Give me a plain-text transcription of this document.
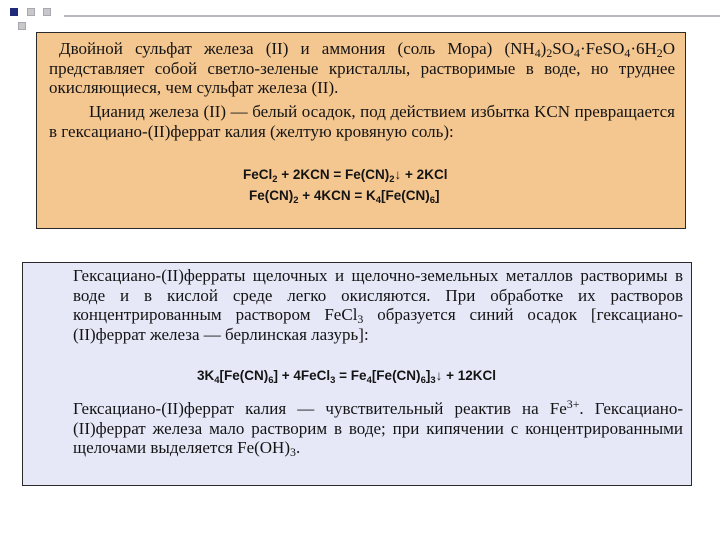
Двойной сульфат железа (II) и аммония (соль Мора) $(NH_4)_2SO_4\cdot FeSO_4\cdot 6H_2O$ представляет собой светло-зеленые кристаллы, растворимые в воде, но труднее окисляющиеся, чем сульфат железа (II).

Цианид железа (II) — белый осадок, под действием избытка KCN превращается в гексациано-(II)феррат калия (желтую кровяную соль):

FeCl$_2$ + $2KCN = Fe(CN)_2↓ + 2KCl$

$Fe(CN)_2 + 4KCN = K_4[Fe(CN)_6]$

Гексациано-(II)ферраты щелочных и щелочно-земельных металлов растворимы в воде и в кислой среде легко окисляются. При обработке их растворов концентрированным раствором FeCl$_3$ образуется синий осадок [гексациано-(II)феррат железа — берлинская лазурь]:

$3K_4[Fe(CN)_6]$ + 4FeCl$_3$ = $Fe_4[Fe(CN)_6]_3↓ + 12KCl$

Гексациано-(II)феррат калия — чувствительный реактив на $Fe^{3+}$. Гексациано-(II)феррат железа мало растворим в воде; при кипячении с концентрированными щелочами выделяется $Fe(OH)_3$.
